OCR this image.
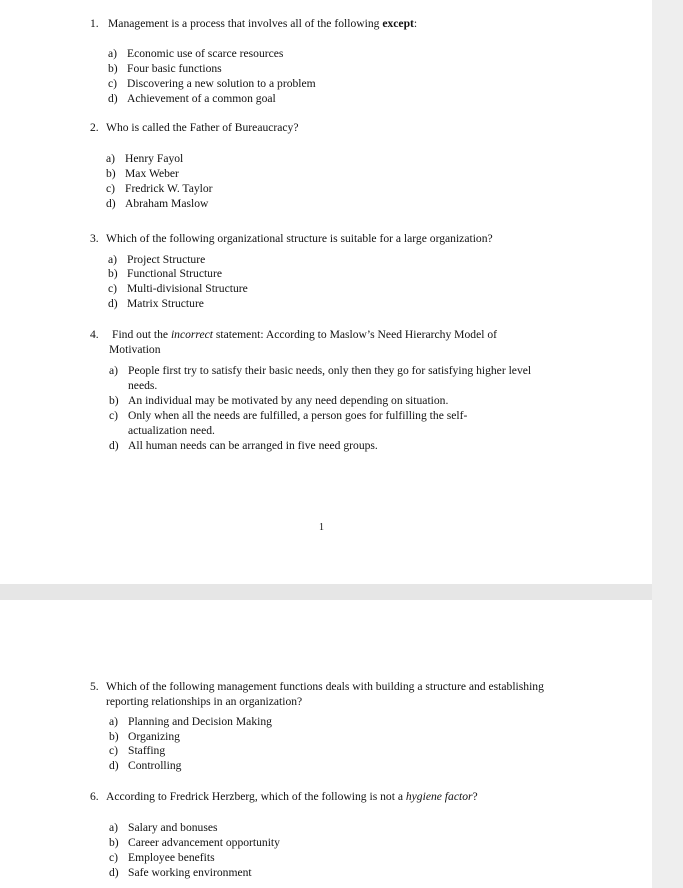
1. Management is a process that involves all of the following except:
a) Economic use of scarce resources
b) Four basic functions
c) Discovering a new solution to a problem
d) Achievement of a common goal
2. Who is called the Father of Bureaucracy?
a) Henry Fayol
b) Max Weber
c) Fredrick W. Taylor
d) Abraham Maslow
3. Which of the following organizational structure is suitable for a large organization?
a) Project Structure
b) Functional Structure
c) Multi-divisional Structure
d) Matrix Structure
4. Find out the incorrect statement: According to Maslow’s Need Hierarchy Model of
Motivation
a) People first try to satisfy their basic needs, only then they go for satisfying higher level needs.
b) An individual may be motivated by any need depending on situation.
c) Only when all the needs are fulfilled, a person goes for fulfilling the self-actualization need.
d) All human needs can be arranged in five need groups.
1
5. Which of the following management functions deals with building a structure and establishing reporting relationships in an organization?
a) Planning and Decision Making
b) Organizing
c) Staffing
d) Controlling
6. According to Fredrick Herzberg, which of the following is not a hygiene factor?
a) Salary and bonuses
b) Career advancement opportunity
c) Employee benefits
d) Safe working environment
